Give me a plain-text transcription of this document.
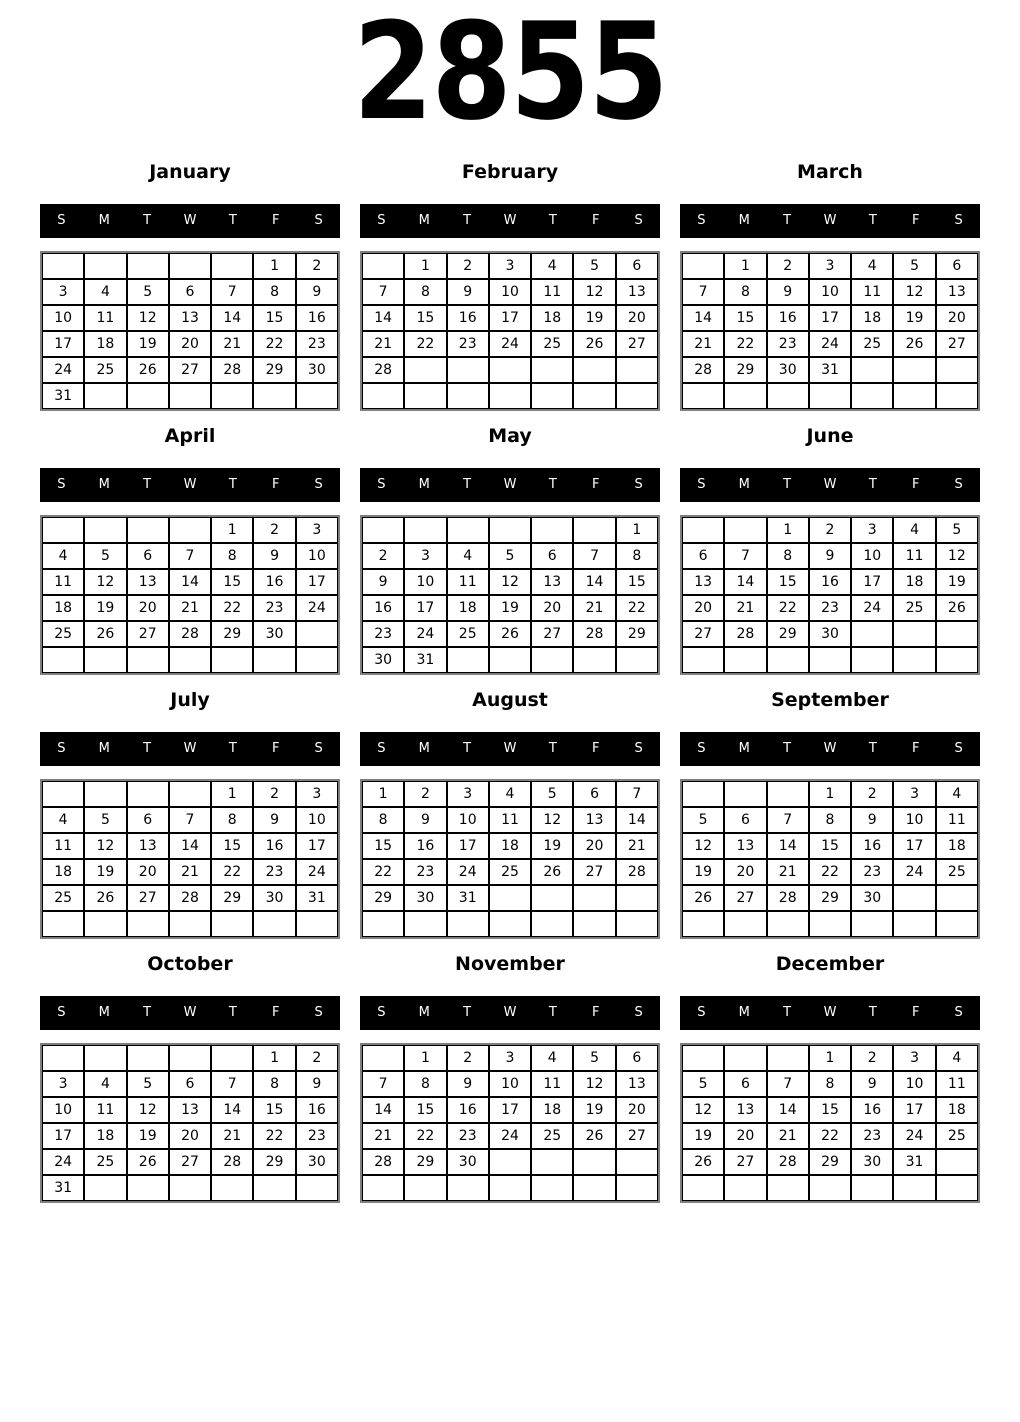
2855
January
S	M	T	W	T	F	S
					1	2
3	4	5	6	7	8	9
10	11	12	13	14	15	16
17	18	19	20	21	22	23
24	25	26	27	28	29	30
31						
February
S	M	T	W	T	F	S
	1	2	3	4	5	6
7	8	9	10	11	12	13
14	15	16	17	18	19	20
21	22	23	24	25	26	27
28						

March
S	M	T	W	T	F	S
	1	2	3	4	5	6
7	8	9	10	11	12	13
14	15	16	17	18	19	20
21	22	23	24	25	26	27
28	29	30	31			

April
S	M	T	W	T	F	S
				1	2	3
4	5	6	7	8	9	10
11	12	13	14	15	16	17
18	19	20	21	22	23	24
25	26	27	28	29	30	

May
S	M	T	W	T	F	S
						1
2	3	4	5	6	7	8
9	10	11	12	13	14	15
16	17	18	19	20	21	22
23	24	25	26	27	28	29
30	31					
June
S	M	T	W	T	F	S
		1	2	3	4	5
6	7	8	9	10	11	12
13	14	15	16	17	18	19
20	21	22	23	24	25	26
27	28	29	30			

July
S	M	T	W	T	F	S
				1	2	3
4	5	6	7	8	9	10
11	12	13	14	15	16	17
18	19	20	21	22	23	24
25	26	27	28	29	30	31

August
S	M	T	W	T	F	S
1	2	3	4	5	6	7
8	9	10	11	12	13	14
15	16	17	18	19	20	21
22	23	24	25	26	27	28
29	30	31				

September
S	M	T	W	T	F	S
			1	2	3	4
5	6	7	8	9	10	11
12	13	14	15	16	17	18
19	20	21	22	23	24	25
26	27	28	29	30		

October
S	M	T	W	T	F	S
					1	2
3	4	5	6	7	8	9
10	11	12	13	14	15	16
17	18	19	20	21	22	23
24	25	26	27	28	29	30
31						
November
S	M	T	W	T	F	S
	1	2	3	4	5	6
7	8	9	10	11	12	13
14	15	16	17	18	19	20
21	22	23	24	25	26	27
28	29	30				

December
S	M	T	W	T	F	S
			1	2	3	4
5	6	7	8	9	10	11
12	13	14	15	16	17	18
19	20	21	22	23	24	25
26	27	28	29	30	31	
